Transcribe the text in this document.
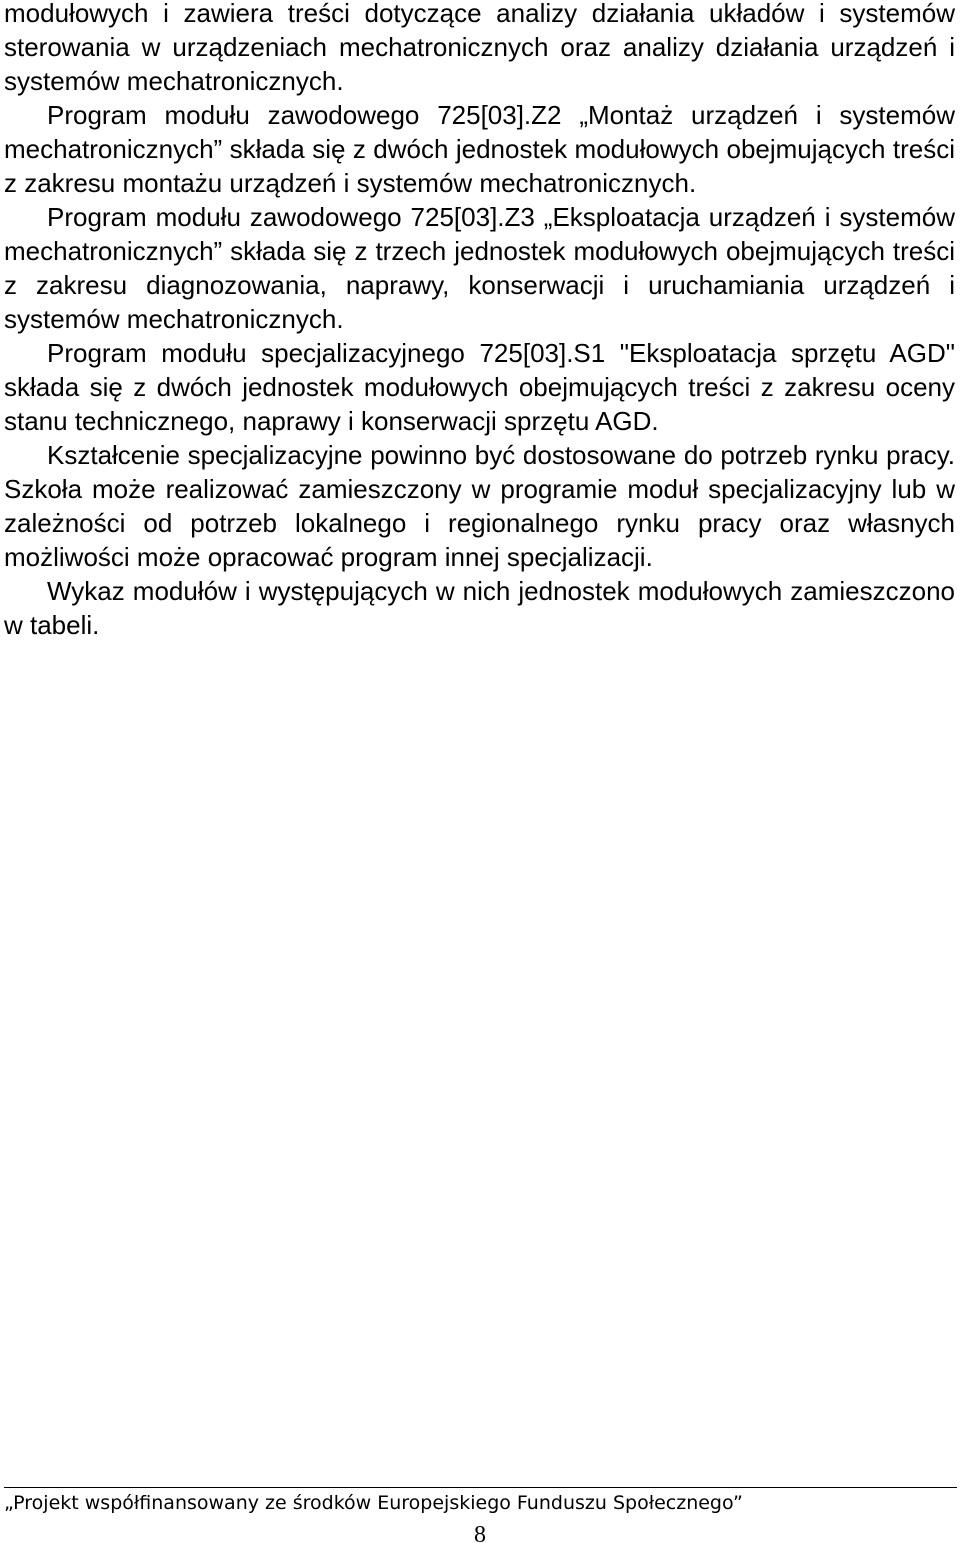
modułowych i zawiera treści dotyczące analizy działania układów i systemów sterowania w urządzeniach mechatronicznych oraz analizy działania urządzeń i systemów mechatronicznych.

Program modułu zawodowego 725[03].Z2 „Montaż urządzeń i systemów mechatronicznych” składa się z dwóch jednostek modułowych obejmujących treści z zakresu montażu urządzeń i systemów mechatronicznych.

Program modułu zawodowego 725[03].Z3 „Eksploatacja urządzeń i systemów mechatronicznych” składa się z trzech jednostek modułowych obejmujących treści z zakresu diagnozowania, naprawy, konserwacji i uruchamiania urządzeń i systemów mechatronicznych.

Program modułu specjalizacyjnego 725[03].S1 "Eksploatacja sprzętu AGD" składa się z dwóch jednostek modułowych obejmujących treści z zakresu oceny stanu technicznego, naprawy i konserwacji sprzętu AGD.

Kształcenie specjalizacyjne powinno być dostosowane do potrzeb rynku pracy. Szkoła może realizować zamieszczony w programie moduł specjalizacyjny lub w zależności od potrzeb lokalnego i regionalnego rynku pracy oraz własnych możliwości może opracować program innej specjalizacji.

Wykaz modułów i występujących w nich jednostek modułowych zamieszczono w tabeli.

„Projekt współfinansowany ze środków Europejskiego Funduszu Społecznego”
8
